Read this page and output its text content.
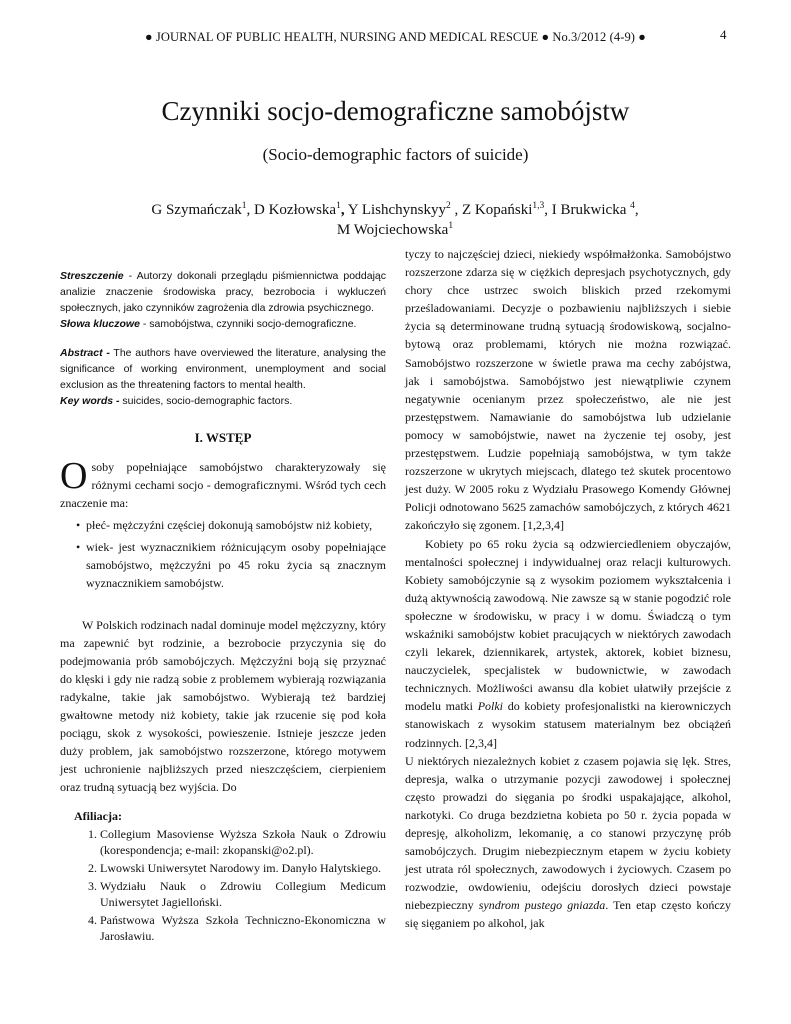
● JOURNAL OF PUBLIC HEALTH, NURSING AND MEDICAL RESCUE ● No.3/2012 (4-9) ●	4
Czynniki socjo-demograficzne samobójstw
(Socio-demographic factors of suicide)
G Szymańczak$^1$, D Kozłowska$^1$, Y Lishchynskyy$^2$ , Z Kopański$^{1,3}$, I Brukwicka $^4$,
M Wojciechowska$^1$

Streszczenie - Autorzy dokonali przeglądu piśmiennictwa poddając analizie znaczenie środowiska pracy, bezrobocia i wykluczeń społecznych, jako czynników zagrożenia dla zdrowia psychicznego.

Słowa kluczowe - samobójstwa, czynniki socjo-demograficzne.

Abstract - The authors have overviewed the literature, analysing the significance of working environment, unemployment and social exclusion as the threatening factors to mental health.

Key words - suicides, socio-demographic factors.

I. WSTĘP
Osoby popełniające samobójstwo charakteryzowały się różnymi cechami socjo - demograficznymi. Wśród tych cech znaczenie ma:
• płeć- mężczyźni częściej dokonują samobójstw niż kobiety,
• wiek- jest wyznacznikiem różnicującym osoby popełniające samobójstwo, mężczyźni po 45 roku życia są znacznym wyznacznikiem samobójstw.
W Polskich rodzinach nadal dominuje model mężczyzny, który ma zapewnić byt rodzinie, a bezrobocie przyczynia się do podejmowania prób samobójczych. Mężczyźni boją się przyznać do klęski i gdy nie radzą sobie z problemem wybierają rozwiązania radykalne, takie jak samobójstwo. Wybierają też bardziej gwałtowne metody niż kobiety, takie jak rzucenie się pod koła pociągu, skok z wysokości, powieszenie. Istnieje jeszcze jeden duży problem, jak samobójstwo rozszerzone, którego motywem jest uchronienie najbliższych przed nieszczęściem, cierpieniem oraz trudną sytuacją bez wyjścia. Do
Afiliacja:
1. Collegium Masoviense Wyższa Szkoła Nauk o Zdrowiu (korespondencja; e-mail: zkopanski@o2.pl).
2. Lwowski Uniwersytet Narodowy im. Danyło Halytskiego.
3. Wydziału Nauk o Zdrowiu Collegium Medicum Uniwersytet Jagielloński.
4. Państwowa Wyższa Szkoła Techniczno-Ekonomiczna w Jarosławiu.

tyczy to najczęściej dzieci, niekiedy współmałżonka. Samobójstwo rozszerzone zdarza się w ciężkich depresjach psychotycznych, gdy chory chce ustrzec swoich bliskich przed rzekomymi prześladowaniami. Decyzje o pozbawieniu najbliższych i siebie życia są determinowane trudną sytuacją środowiskową, socjalno-bytową oraz problemami, których nie można rozwiązać. Samobójstwo rozszerzone w świetle prawa ma cechy zabójstwa, jak i samobójstwa. Samobójstwo jest niewątpliwie czynem negatywnie ocenianym przez społeczeństwo, ale nie jest przestępstwem. Namawianie do samobójstwa lub udzielanie pomocy w samobójstwie, nawet na życzenie tej osoby, jest przestępstwem. Ludzie popełniają samobójstwa, w tym także rozszerzone w ukrytych miejscach, dlatego też skutek procentowo jest duży. W 2005 roku z Wydziału Prasowego Komendy Głównej Policji odnotowano 5625 zamachów samobójczych, z których 4621 zakończyło się zgonem. [1,2,3,4]

Kobiety po 65 roku życia są odzwierciedleniem obyczajów, mentalności społecznej i indywidualnej oraz relacji kulturowych. Kobiety samobójczynie są z wysokim poziomem wykształcenia i dużą aktywnością zawodową. Nie zawsze są w stanie pogodzić role społeczne w środowisku, w pracy i w domu. Świadczą o tym wskaźniki samobójstw kobiet pracujących w niektórych zawodach czyli lekarek, dziennikarek, artystek, aktorek, kobiet biznesu, nauczycielek, specjalistek w budownictwie, w zawodach technicznych. Możliwości awansu dla kobiet ułatwiły przejście z modelu matki Polki do kobiety profesjonalistki na kierowniczych stanowiskach z wysokim statusem materialnym bez obciążeń rodzinnych. [2,3,4]

U niektórych niezależnych kobiet z czasem pojawia się lęk. Stres, depresja, walka o utrzymanie pozycji zawodowej i społecznej często prowadzi do sięgania po środki uspakajające, alkohol, narkotyki. Co druga bezdzietna kobieta po 50 r. życia popada w depresję, alkoholizm, lekomanię, a co stanowi przyczynę prób samobójczych. Drugim niebezpiecznym etapem w życiu kobiety jest utrata ról społecznych, zawodowych i życiowych. Czasem po rozwodzie, owdowieniu, odejściu dorosłych dzieci powstaje niebezpieczny syndrom pustego gniazda. Ten etap często kończy się sięganiem po alkohol, jak
